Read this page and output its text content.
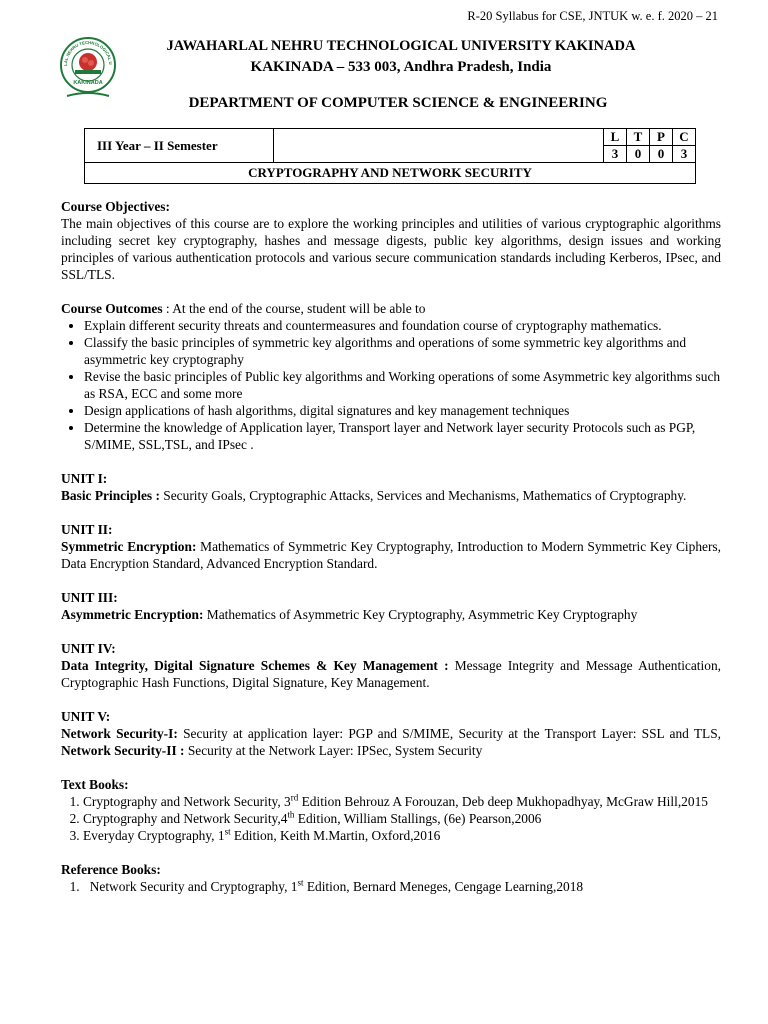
R-20 Syllabus for CSE, JNTUK w. e. f. 2020 – 21
LAL NEHRU TECHNOLOGICAL U
KAKINADA
JAWAHARLAL NEHRU TECHNOLOGICAL UNIVERSITY KAKINADA
KAKINADA – 533 003, Andhra Pradesh, India
DEPARTMENT OF COMPUTER SCIENCE & ENGINEERING
III Year – II Semester		L	T	P	C
		3	0	0	3
CRYPTOGRAPHY AND NETWORK SECURITY					

Course Objectives:

The main objectives of this course are to explore the working principles and utilities of various cryptographic algorithms including secret key cryptography, hashes and message digests, public key algorithms, design issues and working principles of various authentication protocols and various secure communication standards including Kerberos, IPsec, and SSL/TLS.

Course Outcomes : At the end of the course, student will be able to

• Explain different security threats and countermeasures and foundation course of cryptography mathematics.
• Classify the basic principles of symmetric key algorithms and operations of some symmetric key algorithms and asymmetric key cryptography
• Revise the basic principles of Public key algorithms and Working operations of some Asymmetric key algorithms such as RSA, ECC and some more
• Design applications of hash algorithms, digital signatures and key management techniques
• Determine the knowledge of Application layer, Transport layer and Network layer security Protocols such as PGP, S/MIME, SSL,TSL, and IPsec .

UNIT I:

Basic Principles : Security Goals, Cryptographic Attacks, Services and Mechanisms, Mathematics of Cryptography.

UNIT II:

Symmetric Encryption: Mathematics of Symmetric Key Cryptography, Introduction to Modern Symmetric Key Ciphers, Data Encryption Standard, Advanced Encryption Standard.

UNIT III:

Asymmetric Encryption: Mathematics of Asymmetric Key Cryptography, Asymmetric Key Cryptography

UNIT IV:

Data Integrity, Digital Signature Schemes & Key Management : Message Integrity and Message Authentication, Cryptographic Hash Functions, Digital Signature, Key Management.

UNIT V:

Network Security-I: Security at application layer: PGP and S/MIME, Security at the Transport Layer: SSL and TLS, Network Security-II : Security at the Network Layer: IPSec, System Security

Text Books:

1. Cryptography and Network Security, 3rd Edition Behrouz A Forouzan, Deb deep Mukhopadhyay, McGraw Hill,2015
2. Cryptography and Network Security,4th Edition, William Stallings, (6e) Pearson,2006
3. Everyday Cryptography, 1st Edition, Keith M.Martin, Oxford,2016

Reference Books:

1. Network Security and Cryptography, 1st Edition, Bernard Meneges, Cengage Learning,2018
